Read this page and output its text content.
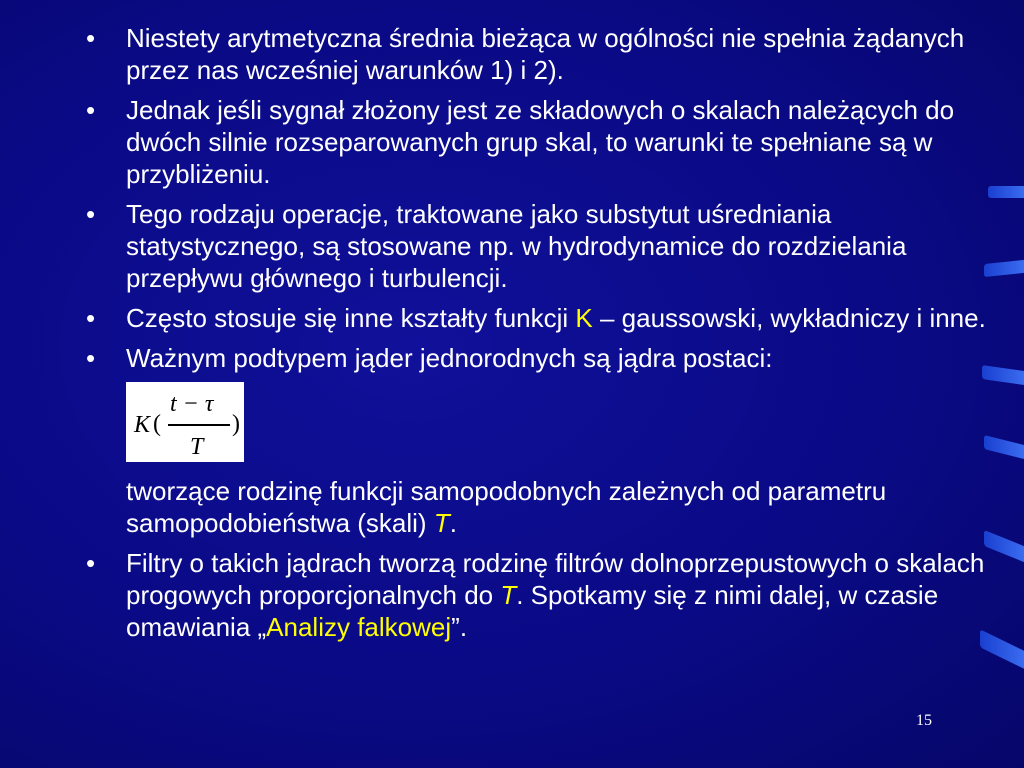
• Niestety arytmetyczna średnia bieżąca w ogólności nie spełnia żądanych przez nas wcześniej warunków 1) i 2).
• Jednak jeśli sygnał złożony jest ze składowych o skalach należących do dwóch silnie rozseparowanych grup skal, to warunki te spełniane są w przybliżeniu.
• Tego rodzaju operacje, traktowane jako substytut uśredniania statystycznego, są stosowane np. w hydrodynamice do rozdzielania przepływu głównego i turbulencji.
• Często stosuje się inne kształty funkcji K – gaussowski, wykładniczy i inne.
• Ważnym podtypem jąder jednorodnych są jądra postaci:
K (
t − τ
T
)
tworzące rodzinę funkcji samopodobnych zależnych od parametru samopodobieństwa (skali) T.
• Filtry o takich jądrach tworzą rodzinę filtrów dolnoprzepustowych o skalach progowych proporcjonalnych do T. Spotkamy się z nimi dalej, w czasie omawiania „Analizy falkowej”.
15
